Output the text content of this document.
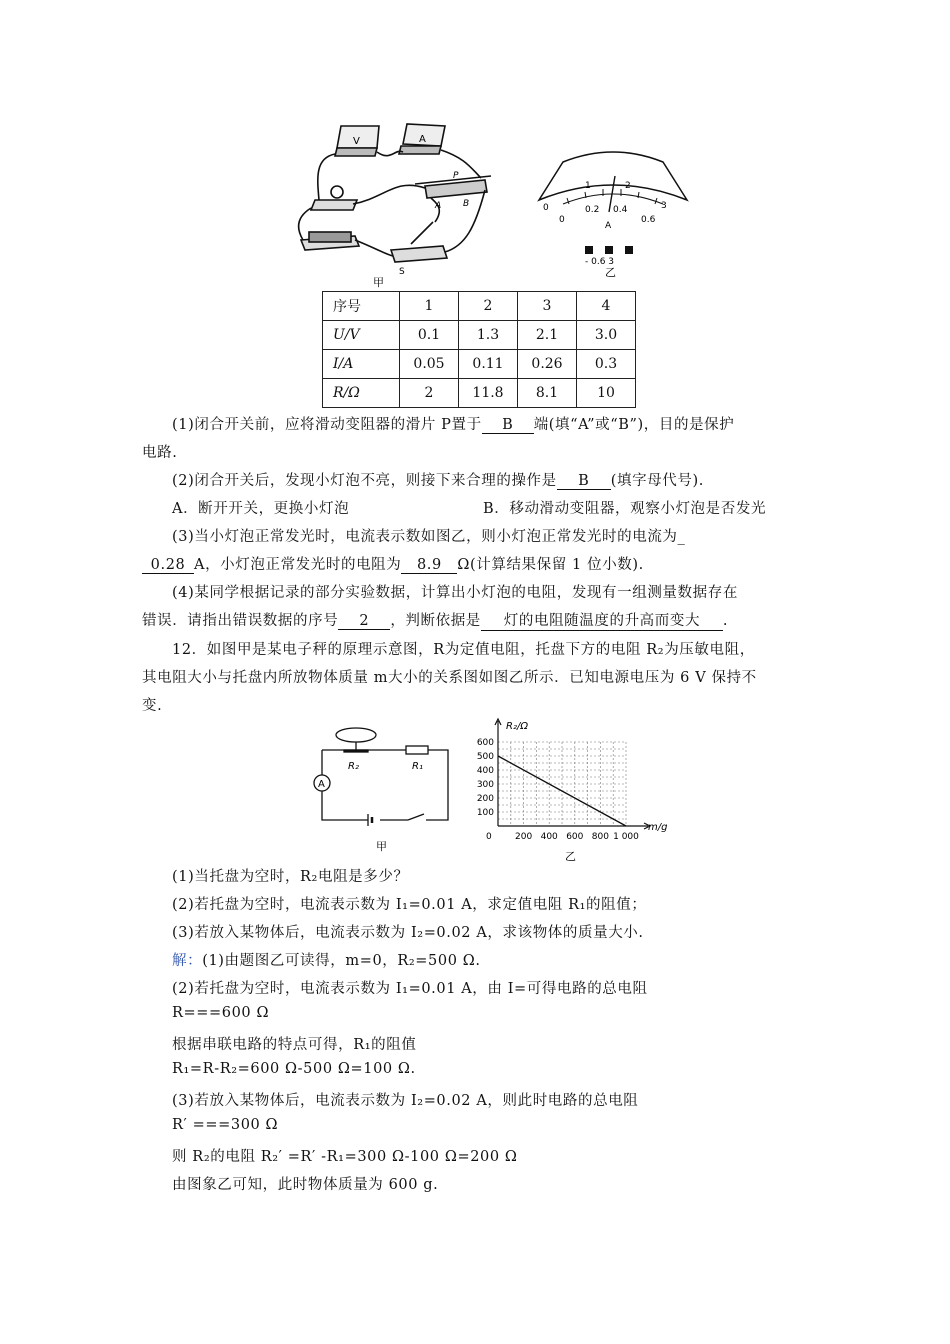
V	A
P
A B
S
甲
0
1	2
3
0
0.2 0.4
0.6
A
- 0.6 3
乙
序号	1	2	3	4
U/V	0.1	1.3	2.1	3.0
I/A	0.05	0.11	0.26	0.3
R/Ω	2	11.8	8.1	10
(1)闭合开关前，应将滑动变阻器的滑片 P置于 B 端(填“A”或“B”)，目的是保护
电路.
(2)闭合开关后，发现小灯泡不亮，则接下来合理的操作是 B (填字母代号).
A．断开开关，更换小灯泡	B．移动滑动变阻器，观察小灯泡是否发光
(3)当小灯泡正常发光时，电流表示数如图乙，则小灯泡正常发光时的电流为_
0.28 A，小灯泡正常发光时的电阻为 8.9 Ω(计算结果保留 1 位小数).
(4)某同学根据记录的部分实验数据，计算出小灯泡的电阻，发现有一组测量数据存在
错误．请指出错误数据的序号 2 ，判断依据是 灯的电阻随温度的升高而变大 .
12．如图甲是某电子秤的原理示意图，R为定值电阻，托盘下方的电阻 R₂为压敏电阻，
其电阻大小与托盘内所放物体质量 m大小的关系图如图乙所示．已知电源电压为 6 V 保持不
变.
A
R₂	R₁
甲
100
200
300
400
500
600
200 400 600 800 1 000
0
R₂/Ω
m/g
乙
(1)当托盘为空时，R₂电阻是多少？
(2)若托盘为空时，电流表示数为 I₁=0.01 A，求定值电阻 R₁的阻值；
(3)若放入某物体后，电流表示数为 I₂=0.02 A，求该物体的质量大小.
解：(1)由题图乙可读得，m=0，R₂=500 Ω.
(2)若托盘为空时，电流表示数为 I₁=0.01 A，由 I=可得电路的总电阻
R===600 Ω
根据串联电路的特点可得，R₁的阻值
R₁=R-R₂=600 Ω-500 Ω=100 Ω.
(3)若放入某物体后，电流表示数为 I₂=0.02 A，则此时电路的总电阻
R′ ===300 Ω
则 R₂的电阻 R₂′ =R′ -R₁=300 Ω-100 Ω=200 Ω
由图象乙可知，此时物体质量为 600 g.
